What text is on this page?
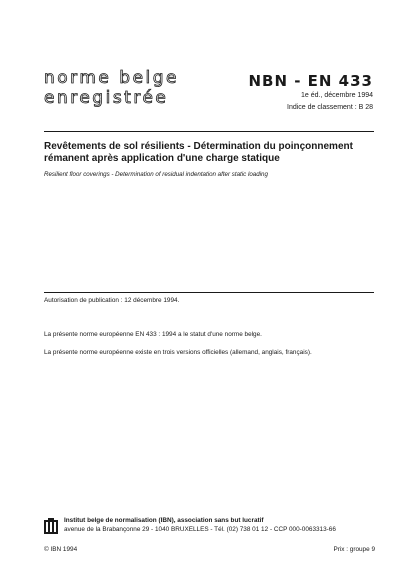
norme belge
enregistrée
NBN - EN 433
1e éd., décembre 1994
Indice de classement : B 28
Revêtements de sol résilients - Détermination du poinçonnement rémanent après application d'une charge statique
Resilient floor coverings - Determination of residual indentation after static loading
Autorisation de publication : 12 décembre 1994.
La présente norme européenne EN 433 : 1994 a le statut d'une norme belge.
La présente norme européenne existe en trois versions officielles (allemand, anglais, français).
Institut belge de normalisation (IBN), association sans but lucratif
avenue de la Brabançonne 29 - 1040 BRUXELLES - Tél. (02) 738 01 12 - CCP 000-0063313-66
© IBN 1994	Prix : groupe 9
